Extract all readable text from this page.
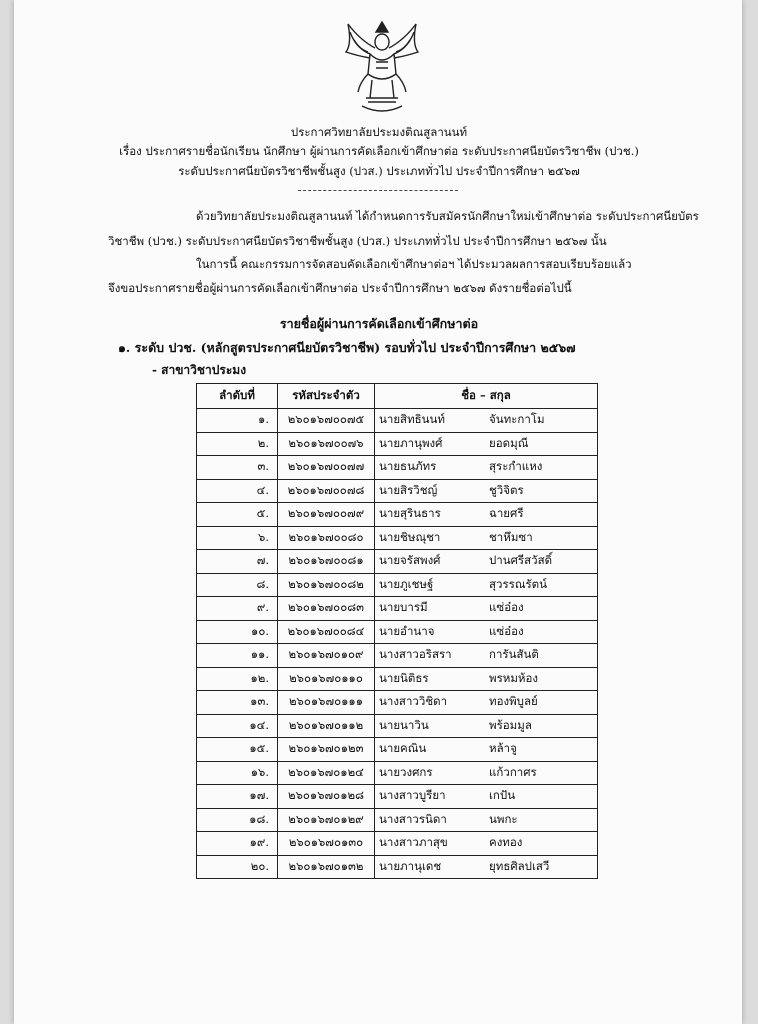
ประกาศวิทยาลัยประมงติณสูลานนท์
เรื่อง ประกาศรายชื่อนักเรียน นักศึกษา ผู้ผ่านการคัดเลือกเข้าศึกษาต่อ ระดับประกาศนียบัตรวิชาชีพ (ปวช.)
ระดับประกาศนียบัตรวิชาชีพชั้นสูง (ปวส.) ประเภททั่วไป ประจำปีการศึกษา ๒๕๖๗
ด้วยวิทยาลัยประมงติณสูลานนท์ ได้กำหนดการรับสมัครนักศึกษาใหม่เข้าศึกษาต่อ ระดับประกาศนียบัตร
วิชาชีพ (ปวช.) ระดับประกาศนียบัตรวิชาชีพชั้นสูง (ปวส.) ประเภททั่วไป ประจำปีการศึกษา ๒๕๖๗ นั้น
ในการนี้ คณะกรรมการจัดสอบคัดเลือกเข้าศึกษาต่อฯ ได้ประมวลผลการสอบเรียบร้อยแล้ว
จึงขอประกาศรายชื่อผู้ผ่านการคัดเลือกเข้าศึกษาต่อ ประจำปีการศึกษา ๒๕๖๗ ดังรายชื่อต่อไปนี้
รายชื่อผู้ผ่านการคัดเลือกเข้าศึกษาต่อ
๑. ระดับ ปวช. (หลักสูตรประกาศนียบัตรวิชาชีพ) รอบทั่วไป ประจำปีการศึกษา ๒๕๖๗
- สาขาวิชาประมง
ลำดับที่	รหัสประจำตัว	ชื่อ – สกุล
๑.	๒๖๐๑๖๗๐๐๗๕	นายสิทธินนท์ จันทะกาโม
๒.	๒๖๐๑๖๗๐๐๗๖	นายภานุพงศ์ ยอดมุณี
๓.	๒๖๐๑๖๗๐๐๗๗	นายธนภัทร สุระกำแหง
๔.	๒๖๐๑๖๗๐๐๗๘	นายสิรวิชญ์ ชูวิจิตร
๕.	๒๖๐๑๖๗๐๐๗๙	นายสุรินธาร ฉายศรี
๖.	๒๖๐๑๖๗๐๐๘๐	นายชิษณุชา ชาหึมซา
๗.	๒๖๐๑๖๗๐๐๘๑	นายจรัสพงศ์ ปานศรีสวัสดิ์
๘.	๒๖๐๑๖๗๐๐๘๒	นายภูเชษฐ์ สุวรรณรัตน์
๙.	๒๖๐๑๖๗๐๐๘๓	นายบารมี แซ่อ๋อง
๑๐.	๒๖๐๑๖๗๐๐๘๔	นายอำนาจ แซ่อ๋อง
๑๑.	๒๖๐๑๖๗๐๑๐๙	นางสาวอริสรา การันสันติ
๑๒.	๒๖๐๑๖๗๐๑๑๐	นายนิติธร พรหมห้อง
๑๓.	๒๖๐๑๖๗๐๑๑๑	นางสาววิชิดา ทองพิบูลย์
๑๔.	๒๖๐๑๖๗๐๑๑๒	นายนาวิน พร้อมมูล
๑๕.	๒๖๐๑๖๗๐๑๒๓	นายคณิน หล้าจู
๑๖.	๒๖๐๑๖๗๐๑๒๔	นายวงศกร แก้วกาศร
๑๗.	๒๖๐๑๖๗๐๑๒๘	นางสาวบูรียา เกปัน
๑๘.	๒๖๐๑๖๗๐๑๒๙	นางสาวรนิดา นพกะ
๑๙.	๒๖๐๑๖๗๐๑๓๐	นางสาวภาสุข คงทอง
๒๐.	๒๖๐๑๖๗๐๑๓๒	นายภานุเดช ยุทธศิลปเสวี
